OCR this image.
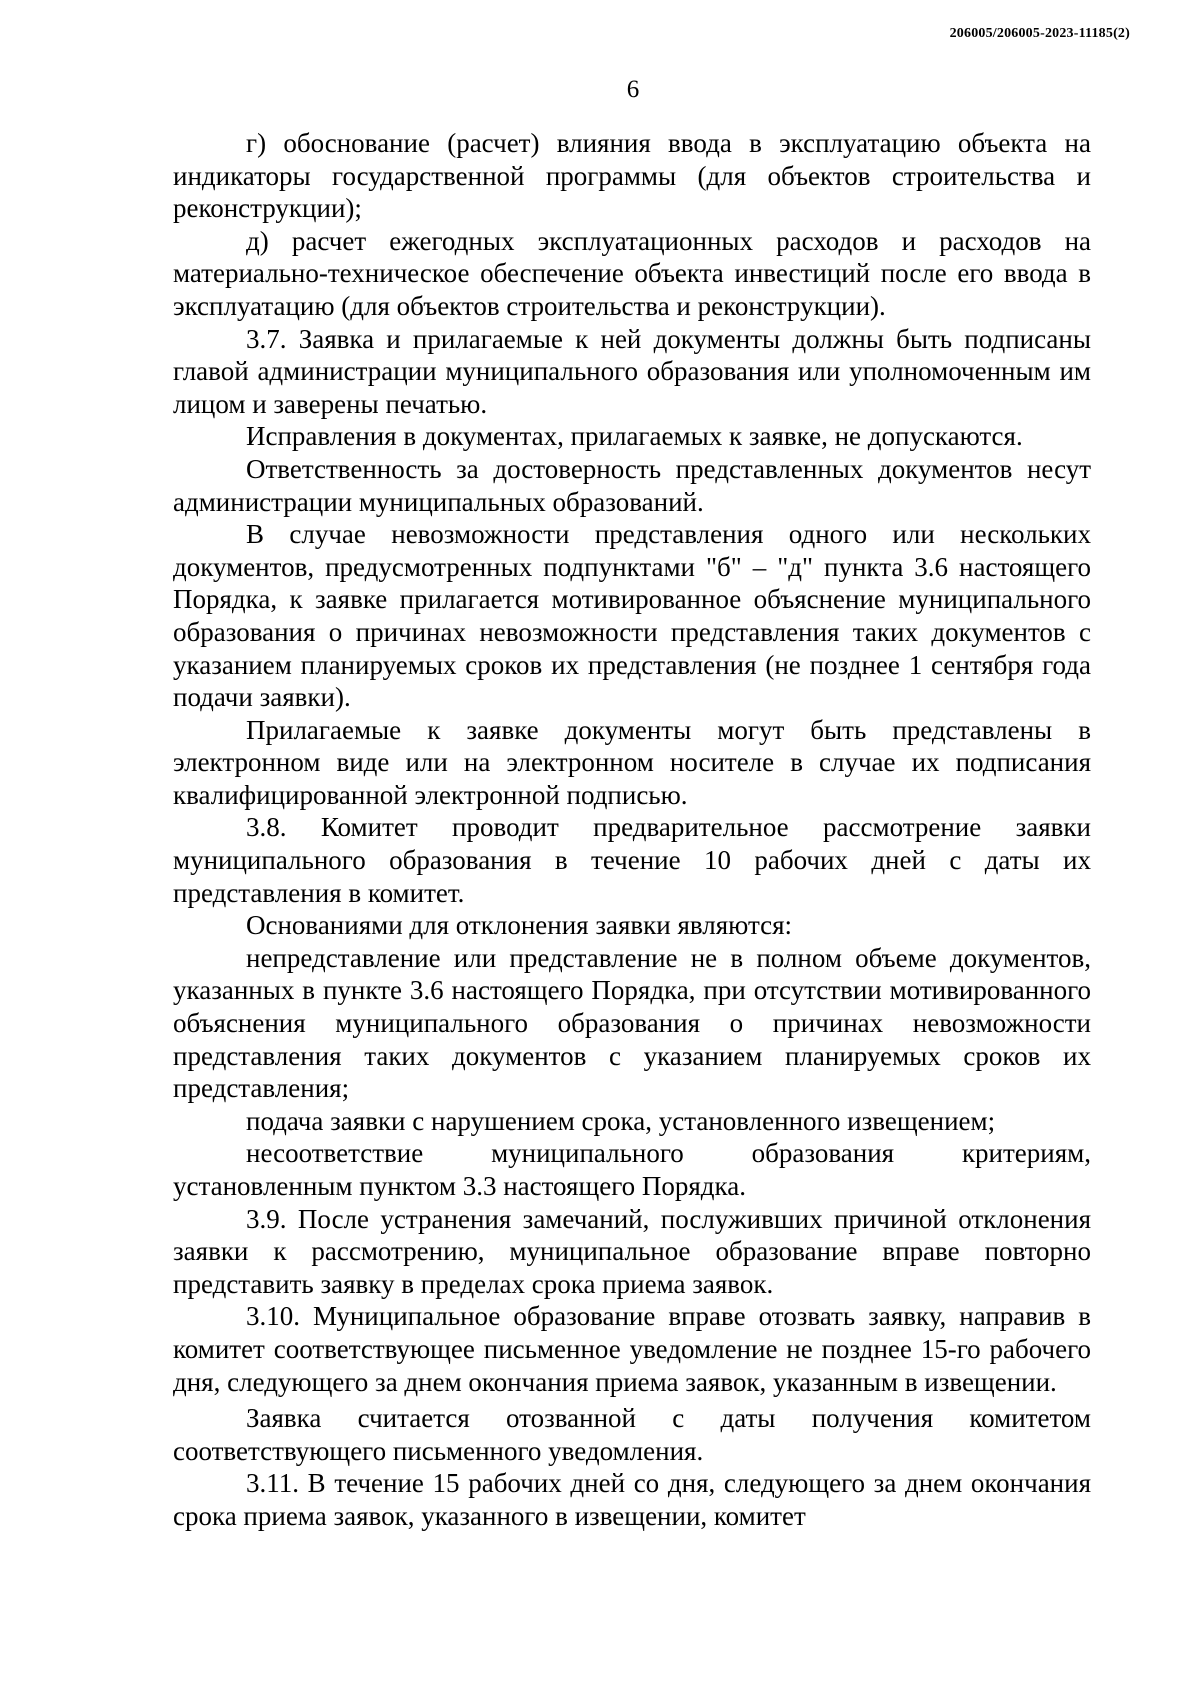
206005/206005-2023-11185(2)
6

г) обоснование (расчет) влияния ввода в эксплуатацию объекта на индикаторы государственной программы (для объектов строительства и реконструкции);

д) расчет ежегодных эксплуатационных расходов и расходов на материально-техническое обеспечение объекта инвестиций после его ввода в эксплуатацию (для объектов строительства и реконструкции).

3.7. Заявка и прилагаемые к ней документы должны быть подписаны главой администрации муниципального образования или уполномоченным им лицом и заверены печатью.

Исправления в документах, прилагаемых к заявке, не допускаются.

Ответственность за достоверность представленных документов несут администрации муниципальных образований.

В случае невозможности представления одного или нескольких документов, предусмотренных подпунктами "б" – "д" пункта 3.6 настоящего Порядка, к заявке прилагается мотивированное объяснение муниципального образования о причинах невозможности представления таких документов с указанием планируемых сроков их представления (не позднее 1 сентября года подачи заявки).

Прилагаемые к заявке документы могут быть представлены в электронном виде или на электронном носителе в случае их подписания квалифицированной электронной подписью.

3.8. Комитет проводит предварительное рассмотрение заявки муниципального образования в течение 10 рабочих дней с даты их представления в комитет.

Основаниями для отклонения заявки являются:

непредставление или представление не в полном объеме документов, указанных в пункте 3.6 настоящего Порядка, при отсутствии мотивированного объяснения муниципального образования о причинах невозможности представления таких документов с указанием планируемых сроков их представления;

подача заявки с нарушением срока, установленного извещением;

несоответствие муниципального образования критериям, установленным пунктом 3.3 настоящего Порядка.

3.9. После устранения замечаний, послуживших причиной отклонения заявки к рассмотрению, муниципальное образование вправе повторно представить заявку в пределах срока приема заявок.

3.10. Муниципальное образование вправе отозвать заявку, направив в комитет соответствующее письменное уведомление не позднее 15-го рабочего дня, следующего за днем окончания приема заявок, указанным в извещении.

Заявка считается отозванной с даты получения комитетом соответствующего письменного уведомления.

3.11. В течение 15 рабочих дней со дня, следующего за днем окончания срока приема заявок, указанного в извещении, комитет
